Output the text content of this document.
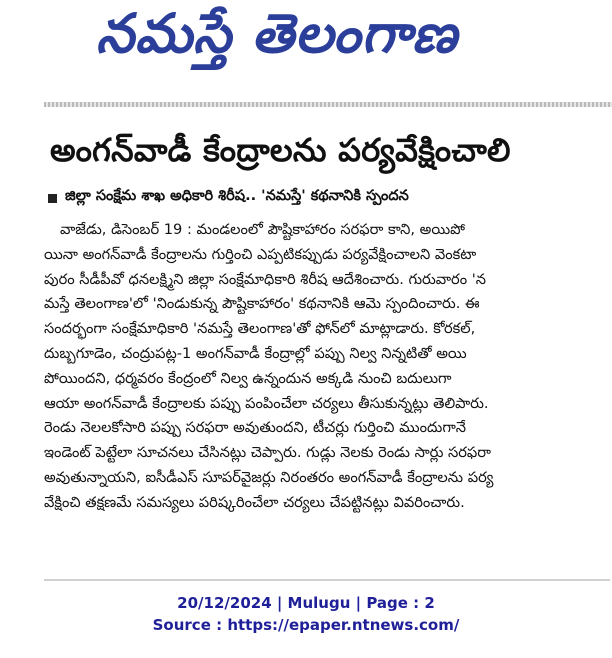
నమస్తే తెలంగాణ
అంగన్‌వాడీ కేంద్రాలను పర్యవేక్షించాలి
జిల్లా సంక్షేమ శాఖ అధికారి శిరీష.. 'నమస్తే' కథనానికి స్పందన
వాజేడు, డిసెంబర్ 19 : మండలంలో పౌష్టికాహారం సరఫరా కాని, అయిపో
యినా అంగన్‌వాడీ కేంద్రాలను గుర్తించి ఎప్పటికప్పుడు పర్యవేక్షించాలని వెంకటా
పురం సీడీపీవో ధనలక్ష్మిని జిల్లా సంక్షేమాధికారి శిరీష ఆదేశించారు. గురువారం 'న
మస్తే తెలంగాణ'లో 'నిండుకున్న పౌష్టికాహారం' కథనానికి ఆమె స్పందించారు. ఈ
సందర్భంగా సంక్షేమాధికారి 'నమస్తే తెలంగాణ'తో ఫోన్‌లో మాట్లాడారు. కోరకల్,
దుబ్బగూడెం, చంద్రుపట్ల-1 అంగన్‌వాడీ కేంద్రాల్లో పప్పు నిల్వ నిన్నటితో అయి
పోయిందని, ధర్మవరం కేంద్రంలో నిల్వ ఉన్నందున అక్కడి నుంచి బదులుగా
ఆయా అంగన్‌వాడీ కేంద్రాలకు పప్పు పంపించేలా చర్యలు తీసుకున్నట్లు తెలిపారు.
రెండు నెలలకోసారి పప్పు సరఫరా అవుతుందని, టీచర్లు గుర్తించి ముందుగానే
ఇండెంట్ పెట్టేలా సూచనలు చేసినట్లు చెప్పారు. గుడ్లు నెలకు రెండు సార్లు సరఫరా
అవుతున్నాయని, ఐసీడీఎస్ సూపర్‌వైజర్లు నిరంతరం అంగన్‌వాడీ కేంద్రాలను పర్య
వేక్షించి తక్షణమే సమస్యలు పరిష్కరించేలా చర్యలు చేపట్టినట్లు వివరించారు.
20/12/2024 | Mulugu | Page : 2
Source : https://epaper.ntnews.com/
